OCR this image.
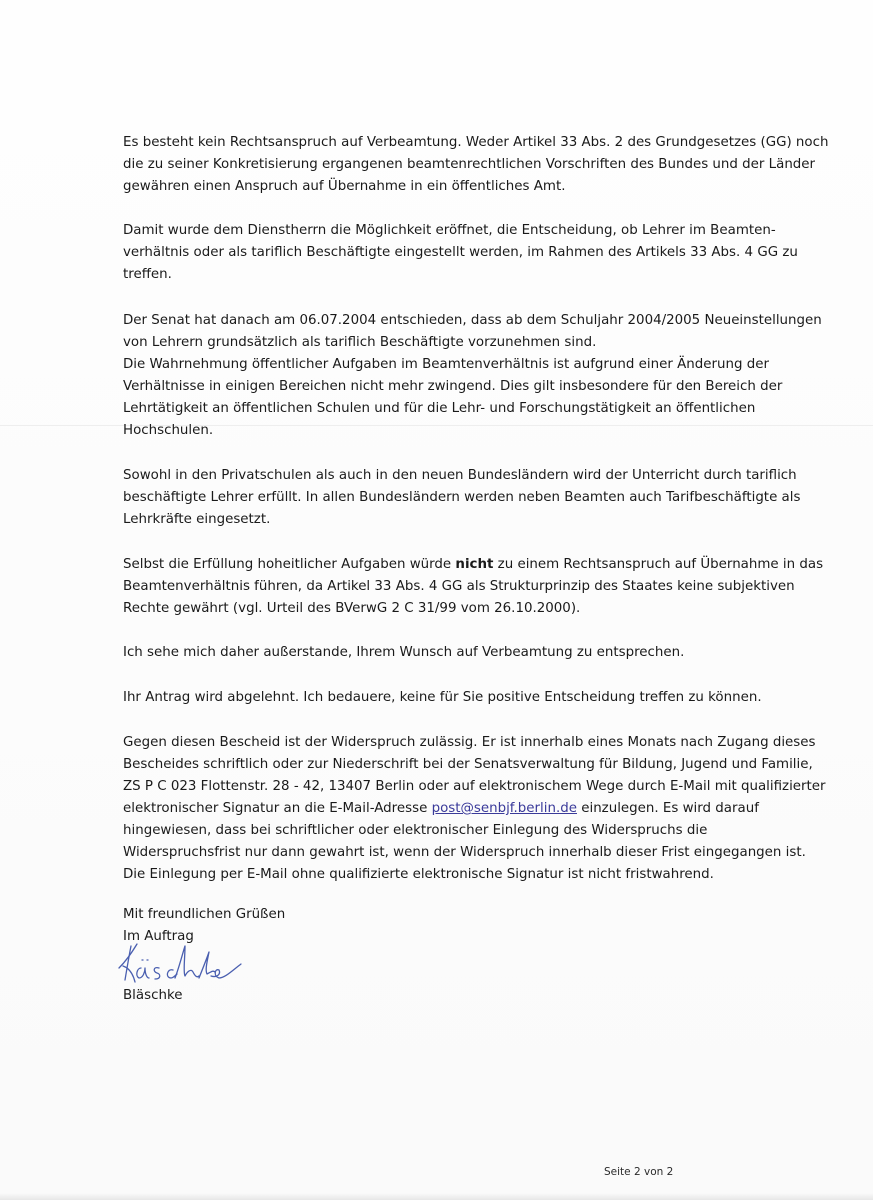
Es besteht kein Rechtsanspruch auf Verbeamtung. Weder Artikel 33 Abs. 2 des Grundgesetzes (GG) noch
die zu seiner Konkretisierung ergangenen beamtenrechtlichen Vorschriften des Bundes und der Länder
gewähren einen Anspruch auf Übernahme in ein öffentliches Amt.
Damit wurde dem Dienstherrn die Möglichkeit eröffnet, die Entscheidung, ob Lehrer im Beamten-
verhältnis oder als tariflich Beschäftigte eingestellt werden, im Rahmen des Artikels 33 Abs. 4 GG zu
treffen.
Der Senat hat danach am 06.07.2004 entschieden, dass ab dem Schuljahr 2004/2005 Neueinstellungen
von Lehrern grundsätzlich als tariflich Beschäftigte vorzunehmen sind.
Die Wahrnehmung öffentlicher Aufgaben im Beamtenverhältnis ist aufgrund einer Änderung der
Verhältnisse in einigen Bereichen nicht mehr zwingend. Dies gilt insbesondere für den Bereich der
Lehrtätigkeit an öffentlichen Schulen und für die Lehr- und Forschungstätigkeit an öffentlichen
Hochschulen.
Sowohl in den Privatschulen als auch in den neuen Bundesländern wird der Unterricht durch tariflich
beschäftigte Lehrer erfüllt. In allen Bundesländern werden neben Beamten auch Tarifbeschäftigte als
Lehrkräfte eingesetzt.
Selbst die Erfüllung hoheitlicher Aufgaben würde nicht zu einem Rechtsanspruch auf Übernahme in das
Beamtenverhältnis führen, da Artikel 33 Abs. 4 GG als Strukturprinzip des Staates keine subjektiven
Rechte gewährt (vgl. Urteil des BVerwG 2 C 31/99 vom 26.10.2000).
Ich sehe mich daher außerstande, Ihrem Wunsch auf Verbeamtung zu entsprechen.
Ihr Antrag wird abgelehnt. Ich bedauere, keine für Sie positive Entscheidung treffen zu können.
Gegen diesen Bescheid ist der Widerspruch zulässig. Er ist innerhalb eines Monats nach Zugang dieses
Bescheides schriftlich oder zur Niederschrift bei der Senatsverwaltung für Bildung, Jugend und Familie,
ZS P C 023 Flottenstr. 28 - 42, 13407 Berlin oder auf elektronischem Wege durch E-Mail mit qualifizierter
elektronischer Signatur an die E-Mail-Adresse post@senbjf.berlin.de einzulegen. Es wird darauf
hingewiesen, dass bei schriftlicher oder elektronischer Einlegung des Widerspruchs die
Widerspruchsfrist nur dann gewahrt ist, wenn der Widerspruch innerhalb dieser Frist eingegangen ist.
Die Einlegung per E-Mail ohne qualifizierte elektronische Signatur ist nicht fristwahrend.
Mit freundlichen Grüßen
Im Auftrag
Bläschke
Seite 2 von 2
